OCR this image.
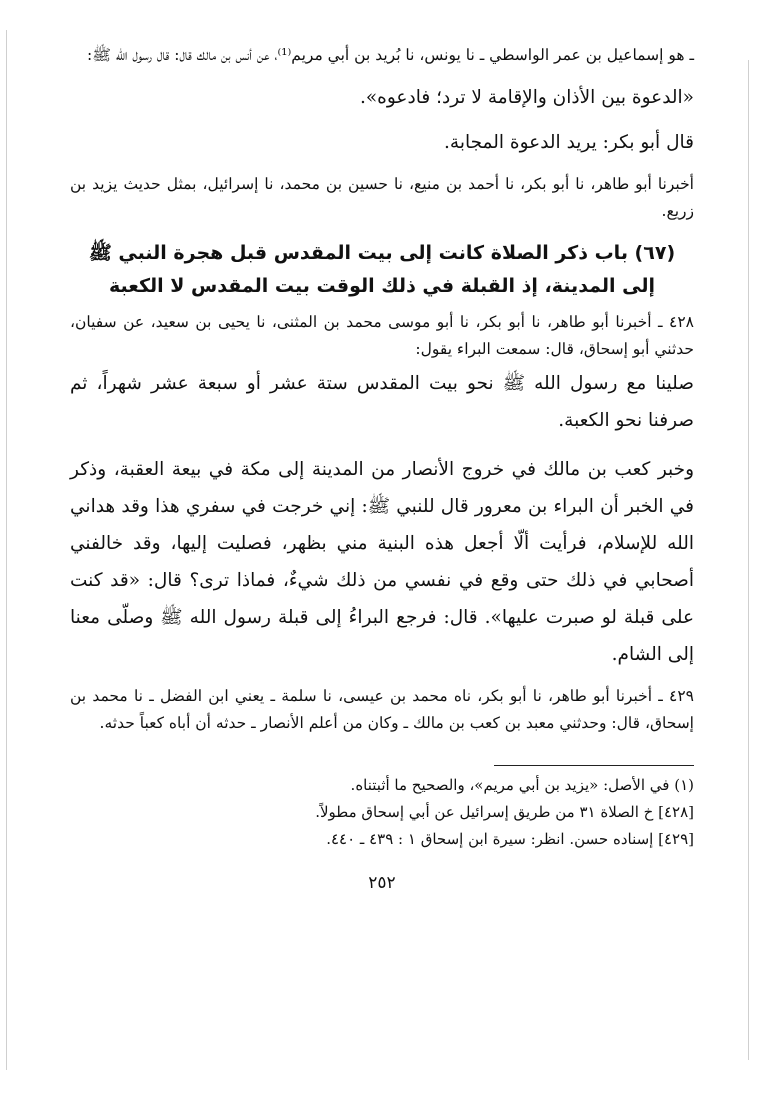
ـ هو إسماعيل بن عمر الواسطي ـ نا يونس، نا بُريد بن أبي مريم⁽¹⁾، عن أنس بن مالك قال: قال رسول الله ﷺ:

«الدعوة بين الأذان والإقامة لا ترد؛ فادعوه».

قال أبو بكر: يريد الدعوة المجابة.

أخبرنا أبو طاهر، نا أبو بكر، نا أحمد بن منيع، نا حسين بن محمد، نا إسرائيل، بمثل حديث يزيد بن زريع.

(٦٧) باب ذكر الصلاة كانت إلى بيت المقدس قبل هجرة النبي ﷺ
إلى المدينة، إذ القبلة في ذلك الوقت بيت المقدس لا الكعبة

٤٢٨ ـ أخبرنا أبو طاهر، نا أبو بكر، نا أبو موسى محمد بن المثنى، نا يحيى بن سعيد، عن سفيان، حدثني أبو إسحاق، قال: سمعت البراء يقول:

صلينا مع رسول الله ﷺ نحو بيت المقدس ستة عشر أو سبعة عشر شهراً، ثم صرفنا نحو الكعبة.

وخبر كعب بن مالك في خروج الأنصار من المدينة إلى مكة في بيعة العقبة، وذكر في الخبر أن البراء بن معرور قال للنبي ﷺ: إني خرجت في سفري هذا وقد هداني الله للإسلام، فرأيت ألّا أجعل هذه البنية مني بظهر، فصليت إليها، وقد خالفني أصحابي في ذلك حتى وقع في نفسي من ذلك شيءٌ، فماذا ترى؟ قال: «قد كنت على قبلة لو صبرت عليها». قال: فرجع البراءُ إلى قبلة رسول الله ﷺ وصلّى معنا إلى الشام.

٤٢٩ ـ أخبرنا أبو طاهر، نا أبو بكر، ناه محمد بن عيسى، نا سلمة ـ يعني ابن الفضل ـ نا محمد بن إسحاق، قال: وحدثني معبد بن كعب بن مالك ـ وكان من أعلم الأنصار ـ حدثه أن أباه كعباً حدثه.

(١) في الأصل: «يزيد بن أبي مريم»، والصحيح ما أثبتناه.
[٤٢٨] خ الصلاة ٣١ من طريق إسرائيل عن أبي إسحاق مطولاً.
[٤٢٩] إسناده حسن. انظر: سيرة ابن إسحاق ١ : ٤٣٩ ـ ٤٤٠.
٢٥٢
